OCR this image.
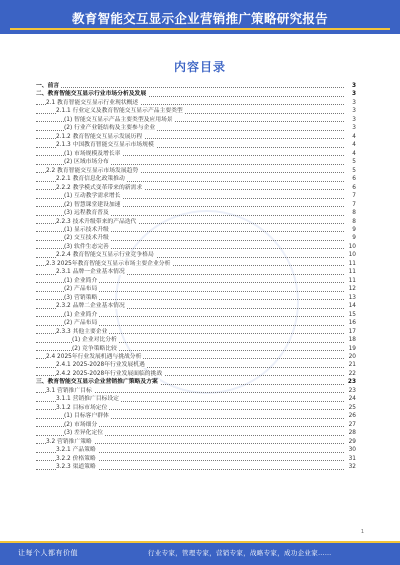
教育智能交互显示企业营销推广策略研究报告
内容目录
一、前言	3
二、教育智能交互显示行业市场分析及发展	3
2.1 教育智能交互显示行业现状概述	3
2.1.1 行业定义及教育智能交互显示产品主要类型	3
(1) 智能交互显示产品主要类型及应用场景	3
(2) 行业产业链结构及主要参与企业	3
2.1.2 教育智能交互显示发展历程	4
2.1.3 中国教育智能交互显示市场规模	4
(1) 市场规模及增长率	4
(2) 区域市场分布	5
2.2 教育智能交互显示市场发展趋势	5
2.2.1 教育信息化政策推动	6
2.2.2 教学模式变革带来的新需求	6
(1) 互动教学需求增长	7
(2) 智慧课堂建设加速	7
(3) 远程教育普及	8
2.2.3 技术升级带来的产品迭代	8
(1) 显示技术升级	9
(2) 交互技术升级	9
(3) 软件生态完善	10
2.2.4 教育智能交互显示行业竞争格局	10
2.3 2025年教育智能交互显示市场主要企业分析	11
2.3.1 品牌一企业基本情况	11
(1) 企业简介	11
(2) 产品布局	12
(3) 营销策略	13
2.3.2 品牌二企业基本情况	14
(1) 企业简介	15
(2) 产品布局	16
2.3.3 其他主要企业	17
(1) 企业对比分析	18
(2) 竞争策略比较	19
2.4 2025年行业发展机遇与挑战分析	20
2.4.1 2025-2028年行业发展机遇	21
2.4.2 2025-2028年行业发展面临的挑战	22
三、教育智能交互显示企业营销推广策略及方案	23
3.1 营销推广目标	23
3.1.1 营销推广目标设定	24
3.1.2 目标市场定位	25
(1) 目标客户群体	26
(2) 市场细分	27
(3) 差异化定位	28
3.2 营销推广策略	29
3.2.1 产品策略	30
3.2.2 价格策略	31
3.2.3 渠道策略	32
1
让每个人都有价值	行业专家，管理专家，营销专家，战略专家，成功企业家……
